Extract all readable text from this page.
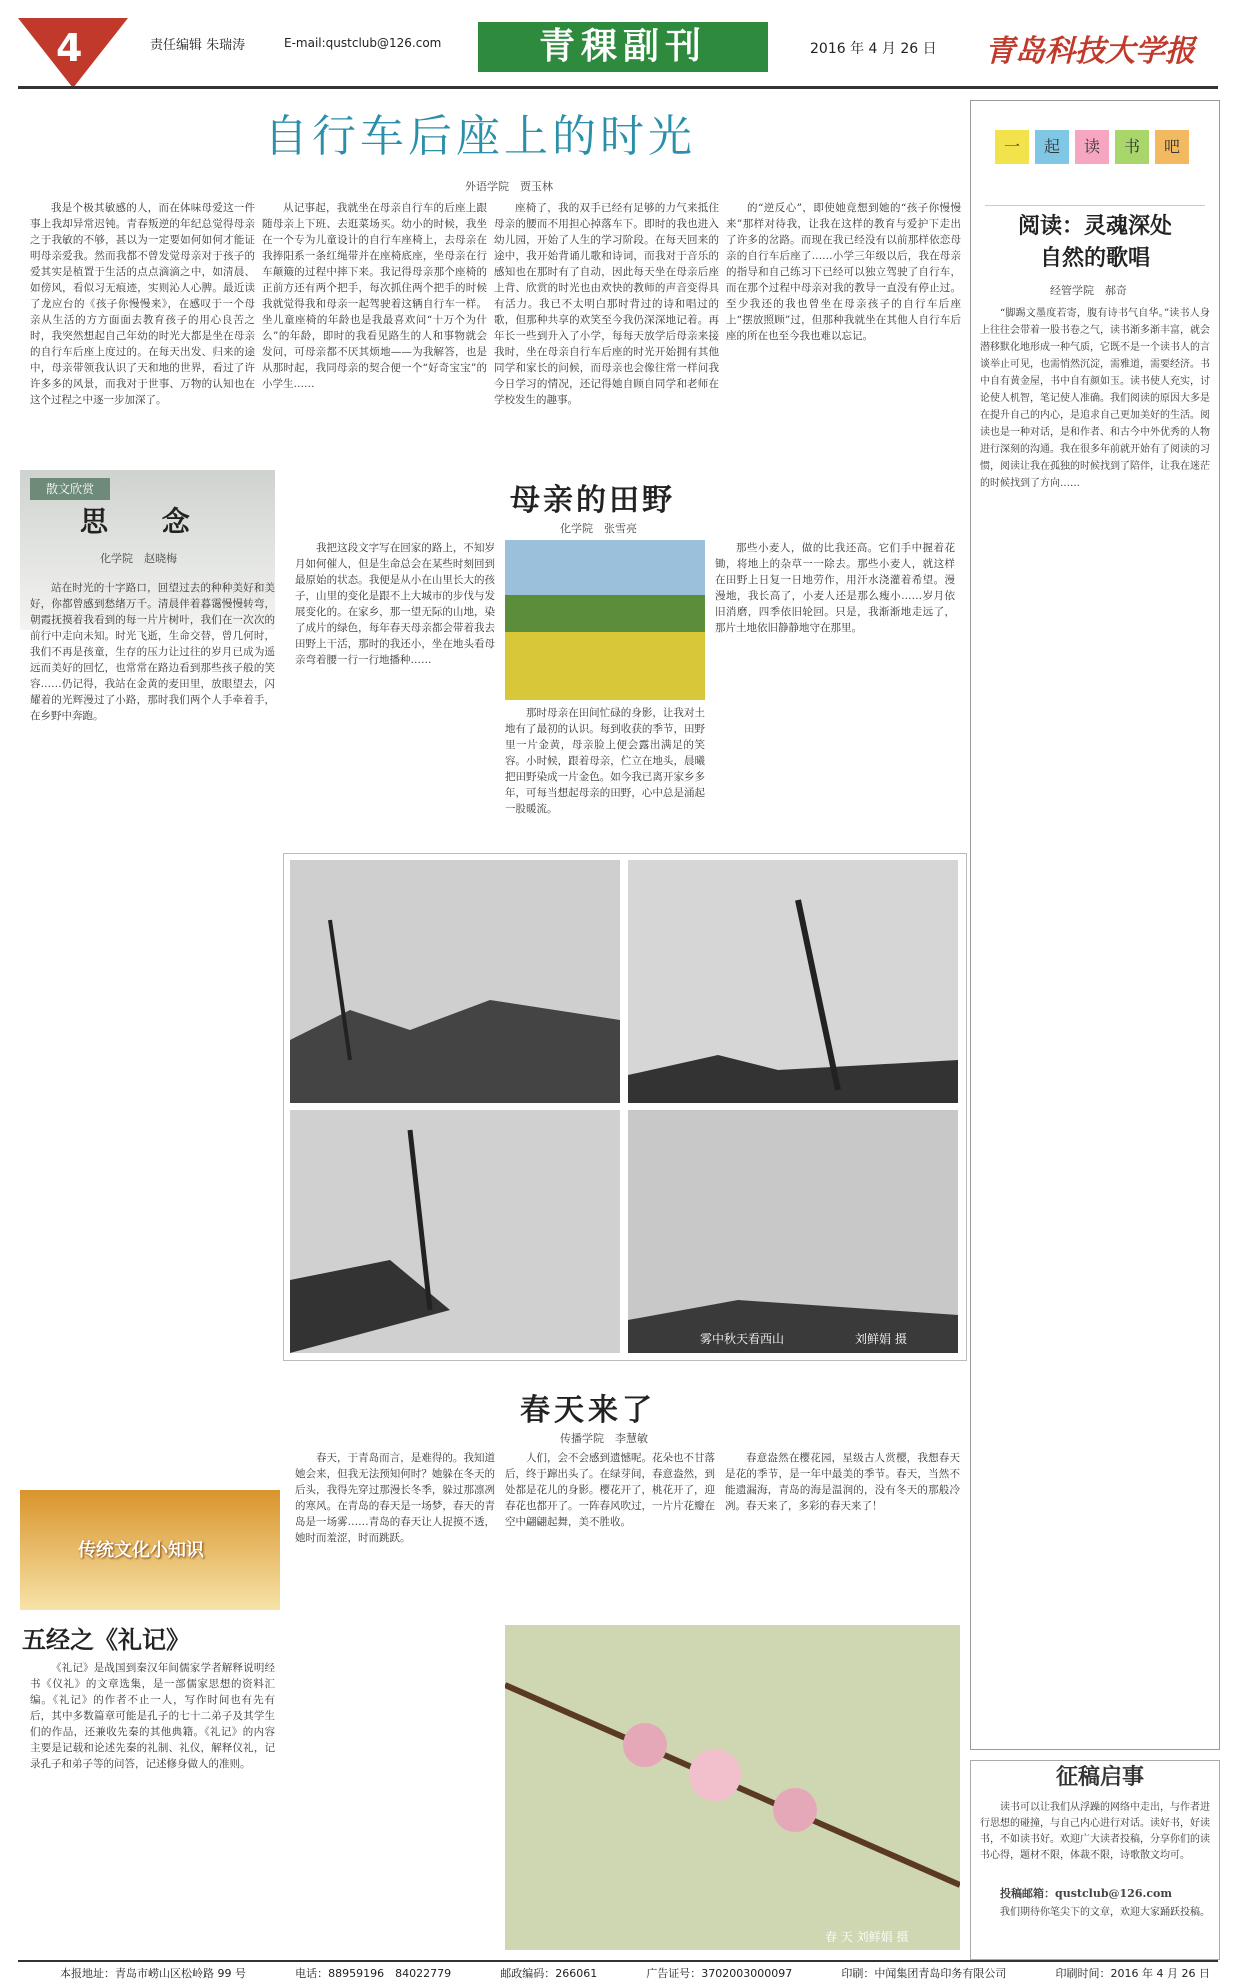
4	责任编辑 朱瑞涛	E-mail:qustclub@126.com	青稞副刊	2016 年 4 月 26 日 青岛科技大学报
自行车后座上的时光
外语学院　贾玉林
我是个极其敏感的人，而在体味母爱这一件事上我却异常迟钝。青春叛逆的年纪总觉得母亲之于我敏的不够，甚以为一定要如何如何才能证明母亲爱我。然而我都不曾发觉母亲对于孩子的爱其实是植置于生活的点点滴滴之中，如清晨、如傍风，看似习无痕迹，实则沁人心脾。最近读了龙应台的《孩子你慢慢来》，在感叹于一个母亲从生活的方方面面去教育孩子的用心良苦之时，我突然想起自己年幼的时光大都是坐在母亲的自行车后座上度过的。在每天出发、归来的途中，母亲带领我认识了天和地的世界，看过了许许多多的风景，而我对于世事、万物的认知也在这个过程之中逐一步加深了。
从记事起，我就坐在母亲自行车的后座上跟随母亲上下班、去逛菜场买。幼小的时候，我坐在一个专为儿童设计的自行车座椅上，去母亲在我捧阳系一条红绳带并在座椅底座，坐母亲在行车颠簸的过程中摔下来。我记得母亲那个座椅的正前方还有两个把手，每次抓住两个把手的时候我就觉得我和母亲一起驾驶着这辆自行车一样。坐儿童座椅的年龄也是我最喜欢问“十万个为什么”的年龄，即时的我看见路生的人和事物就会发问，可母亲都不厌其烦地——为我解答，也是从那时起，我同母亲的契合便一个“好奇宝宝”的小学生……
座椅了，我的双手已经有足够的力气来抵住母亲的腰而不用担心掉落车下。即时的我也进入幼儿园，开始了人生的学习阶段。在每天回来的途中，我开始背诵儿歌和诗词，而我对于音乐的感知也在那时有了自动，因此每天坐在母亲后座上背、欣赏的时光也由欢快的教师的声音变得具有活力。我已不太明白那时背过的诗和唱过的歌，但那种共享的欢笑至今我仍深深地记着。再年长一些到升入了小学，每每天放学后母亲来接我时，坐在母亲自行车后座的时光开始拥有其他同学和家长的问候，而母亲也会像往常一样问我今日学习的情况，还记得她自顾自同学和老师在学校发生的趣事。
的“逆反心”，即使她竟想到她的“孩子你慢慢来”那样对待我，让我在这样的教育与爱护下走出了许多的岔路。而现在我已经没有以前那样依恋母亲的自行车后座了……小学三年级以后，我在母亲的指导和自己练习下已经可以独立驾驶了自行车，而在那个过程中母亲对我的教导一直没有停止过。至少我还的我也曾坐在母亲孩子的自行车后座上“摆放照顾”过，但那种我就坐在其他人自行车后座的所在也至今我也难以忘记。
一	起	读	书	吧
阅读：灵魂深处
自然的歌唱
经管学院　郝奇
“脚踢文墨度若寄，腹有诗书气自华。”读书人身上往往会带着一股书卷之气，读书渐多渐丰富，就会潜移默化地形成一种气质，它既不是一个读书人的言谈举止可见，也需悄然沉淀，需雅道，需要经济。书中自有黄金屋，书中自有颜如玉。读书使人充实，讨论使人机智，笔记使人准确。我们阅读的原因大多是在提升自己的内心，是追求自己更加美好的生活。阅读也是一种对话，是和作者、和古今中外优秀的人物进行深刻的沟通。我在很多年前就开始有了阅读的习惯，阅读让我在孤独的时候找到了陪伴，让我在迷茫的时候找到了方向……
散文欣赏
思 念
化学院　赵晓梅
站在时光的十字路口，回望过去的种种美好和美好，你都曾感到愁绪万千。清晨伴着暮霭慢慢转弯，朝霞抚摸着我看到的每一片片树叶，我们在一次次的前行中走向未知。时光飞逝，生命交替，曾几何时，我们不再是孩童，生存的压力让过往的岁月已成为遥远而美好的回忆，也常常在路边看到那些孩子般的笑容……仍记得，我站在金黄的麦田里，放眼望去，闪耀着的光辉漫过了小路，那时我们两个人手牵着手，在乡野中奔跑。
母亲的田野
化学院　张雪亮
我把这段文字写在回家的路上，不知岁月如何催人，但是生命总会在某些时刻回到最原始的状态。我便是从小在山里长大的孩子，山里的变化是跟不上大城市的步伐与发展变化的。在家乡，那一望无际的山地，染了成片的绿色，每年春天母亲都会带着我去田野上干活，那时的我还小，坐在地头看母亲弯着腰一行一行地播种……
那时母亲在田间忙碌的身影，让我对土地有了最初的认识。每到收获的季节，田野里一片金黄，母亲脸上便会露出满足的笑容。小时候，跟着母亲，伫立在地头，晨曦把田野染成一片金色。如今我已离开家乡多年，可每当想起母亲的田野，心中总是涌起一股暖流。
那些小麦人，做的比我还高。它们手中握着花锄，将地上的杂草一一除去。那些小麦人，就这样在田野上日复一日地劳作，用汗水浇灌着希望。漫漫地，我长高了，小麦人还是那么瘦小……岁月依旧消磨，四季依旧轮回。只是，我渐渐地走远了，那片土地依旧静静地守在那里。
雾中秋天看西山	刘鲜娟 摄
春天来了
传播学院　李慧敏
春天，于青岛而言，是难得的。我知道她会来，但我无法预知何时？她躲在冬天的后头，我得先穿过那漫长冬季，躲过那凛冽的寒风。在青岛的春天是一场梦，春天的青岛是一场雾……青岛的春天让人捉摸不透，她时而羞涩，时而跳跃。
人们，会不会感到遗憾呢。花朵也不甘落后，终于蹿出头了。在绿芽间，春意盎然，到处都是花儿的身影。樱花开了，桃花开了，迎春花也都开了。一阵春风吹过，一片片花瓣在空中翩翩起舞，美不胜收。
春意盎然在樱花园，星级古人赏樱，我想春天是花的季节，是一年中最美的季节。春天，当然不能遗漏海，青岛的海是温润的，没有冬天的那般冷冽。春天来了，多彩的春天来了！
春 天 刘鲜娟 摄
传统文化小知识
五经之《礼记》
《礼记》是战国到秦汉年间儒家学者解释说明经书《仪礼》的文章选集，是一部儒家思想的资料汇编。《礼记》的作者不止一人，写作时间也有先有后，其中多数篇章可能是孔子的七十二弟子及其学生们的作品，还兼收先秦的其他典籍。《礼记》的内容主要是记载和论述先秦的礼制、礼仪，解释仪礼，记录孔子和弟子等的问答，记述修身做人的准则。	征稿启事
读书可以让我们从浮躁的网络中走出，与作者进行思想的碰撞，与自己内心进行对话。读好书，好读书，不如读书好。欢迎广大读者投稿，分享你们的读书心得，题材不限，体裁不限，诗歌散文均可。
投稿邮箱：qustclub@126.com
我们期待你笔尖下的文章，欢迎大家踊跃投稿。
本报地址：青岛市崂山区松岭路 99 号	电话：88959196　84022779	邮政编码：266061	广告证号：3702003000097	印刷：中闻集团青岛印务有限公司	印刷时间：2016 年 4 月 26 日
